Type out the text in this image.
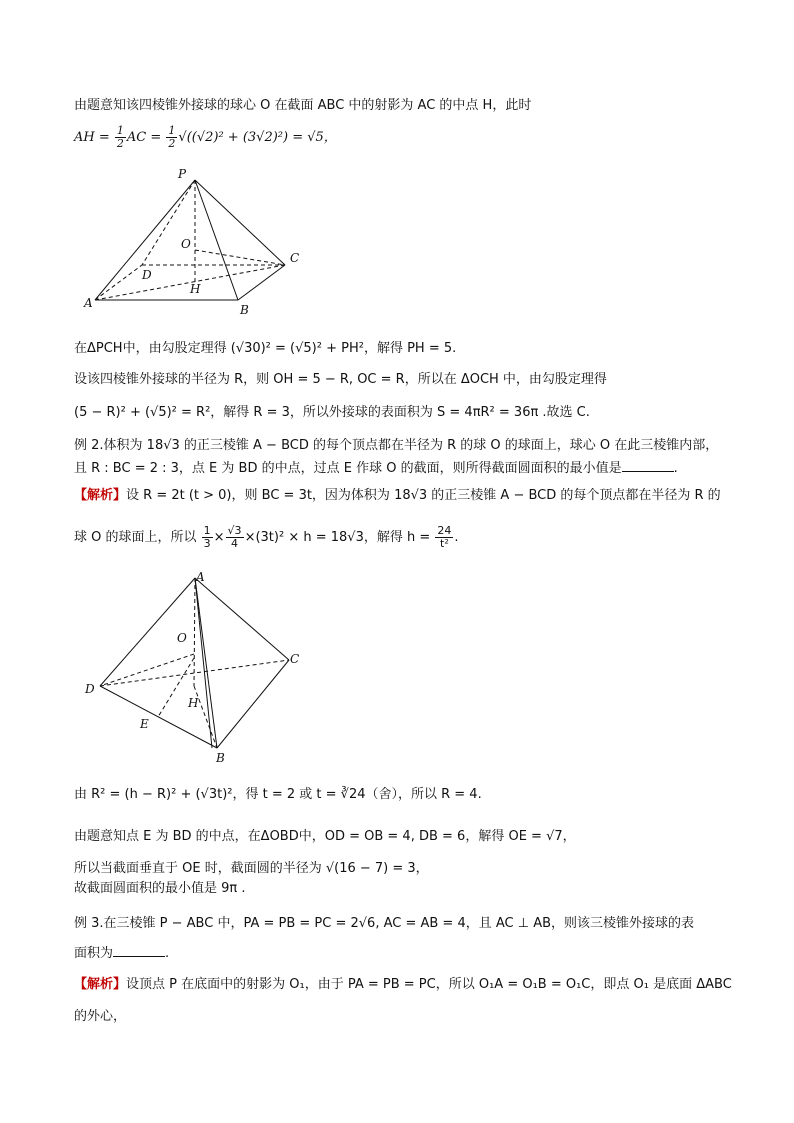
由题意知该四棱锥外接球的球心 O 在截面 ABC 中的射影为 AC 的中点 H，此时
AH = $\frac{1}{2}$ AC = $\frac{1}{2} √((√2)^2 + (3√2)^2) = √5$，
P
O
D
C
H
A	B
在ΔPCH中，由勾股定理得 (√30)² = (√5)² + PH²，解得 PH = 5.
设该四棱锥外接球的半径为 R，则 OH = 5 − R, OC = R，所以在 ΔOCH 中，由勾股定理得
(5 − R)² + (√5)² = R²，解得 R = 3，所以外接球的表面积为 S = 4πR² = 36π .故选 C.
例 2.体积为 18√3 的正三棱锥 A − BCD 的每个顶点都在半径为 R 的球 O 的球面上，球心 O 在此三棱锥内部，
且 R : BC = 2 : 3，点 E 为 BD 的中点，过点 E 作球 O 的截面，则所得截面圆面积的最小值是	.
【解析】设 R = 2t (t > 0)，则 BC = 3t，因为体积为 18√3 的正三棱锥 A − BCD 的每个顶点都在半径为 R 的
球 O 的球面上，所以 $\frac{1}{3} \times \frac{√3}{4} \times(3t)^2 \times h = 18√3$，解得 $h = \frac{24}{\text{t²}}$ .
A
O
C
D
H
E
B
由 R² = (h − R)² + (√3t)²，得 t = 2 或 t = ∛24（舍），所以 R = 4.
由题意知点 E 为 BD 的中点，在ΔOBD中，OD = OB = 4, DB = 6，解得 OE = √7，
所以当截面垂直于 OE 时，截面圆的半径为 √(16 − 7) = 3，
故截面圆面积的最小值是 9π .
例 3.在三棱锥 P − ABC 中，PA = PB = PC = 2√6, AC = AB = 4，且 AC ⊥ AB，则该三棱锥外接球的表
面积为	.
【解析】设顶点 P 在底面中的射影为 O₁，由于 PA = PB = PC，所以 O₁A = O₁B = O₁C，即点 O₁ 是底面 ΔABC
的外心，
